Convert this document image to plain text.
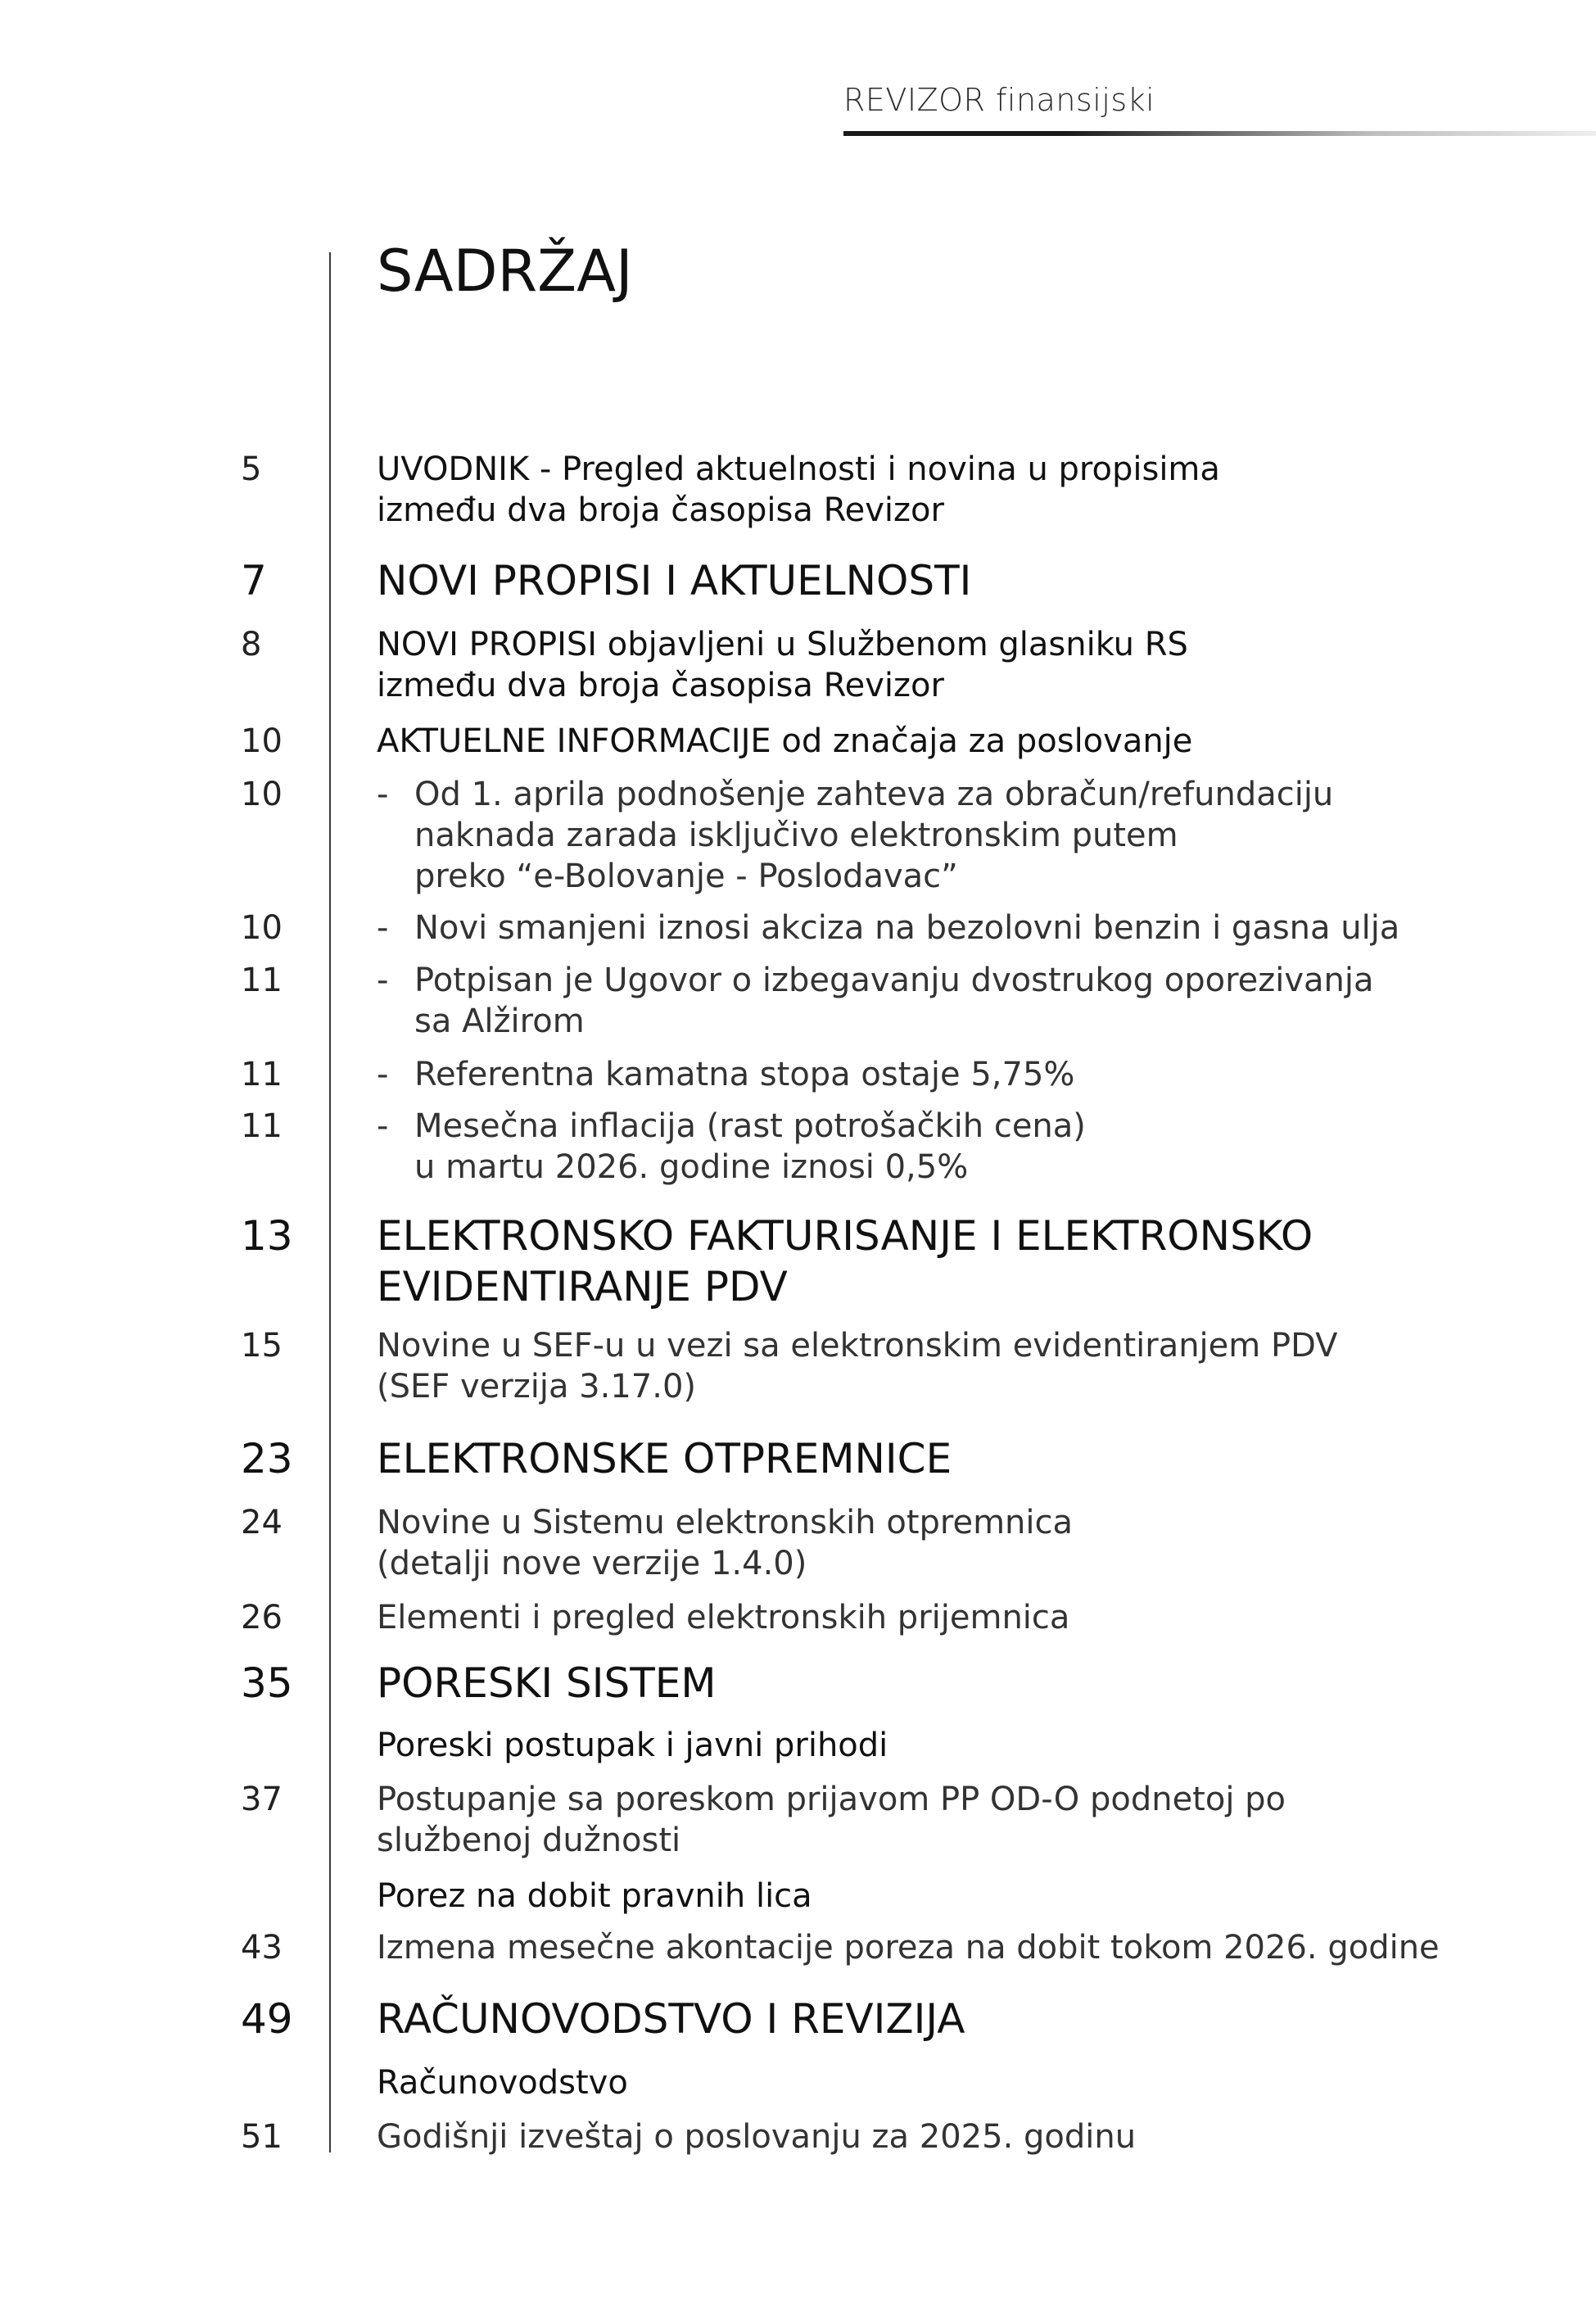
REVIZOR finansijski
SADRŽAJ
5	UVODNIK - Pregled aktuelnosti i novina u propisima
između dva broja časopisa Revizor
7	NOVI PROPISI I AKTUELNOSTI
8	NOVI PROPISI objavljeni u Službenom glasniku RS
između dva broja časopisa Revizor
10	AKTUELNE INFORMACIJE od značaja za poslovanje
10	- Od 1. aprila podnošenje zahteva za obračun/refundaciju
naknada zarada isključivo elektronskim putem
preko “e-Bolovanje - Poslodavac”
10	- Novi smanjeni iznosi akciza na bezolovni benzin i gasna ulja
11	- Potpisan je Ugovor o izbegavanju dvostrukog oporezivanja
sa Alžirom
11	- Referentna kamatna stopa ostaje 5,75%
11	- Mesečna inflacija (rast potrošačkih cena)
u martu 2026. godine iznosi 0,5%
13 ELEKTRONSKO FAKTURISANJE I ELEKTRONSKO
EVIDENTIRANJE PDV
15	Novine u SEF-u u vezi sa elektronskim evidentiranjem PDV
(SEF verzija 3.17.0)
23 ELEKTRONSKE OTPREMNICE
24	Novine u Sistemu elektronskih otpremnica
(detalji nove verzije 1.4.0)
26	Elementi i pregled elektronskih prijemnica
35 PORESKI SISTEM
Poreski postupak i javni prihodi
37	Postupanje sa poreskom prijavom PP OD-O podnetoj po
službenoj dužnosti
Porez na dobit pravnih lica
43	Izmena mesečne akontacije poreza na dobit tokom 2026. godine
49 RAČUNOVODSTVO I REVIZIJA
Računovodstvo
51	Godišnji izveštaj o poslovanju za 2025. godinu
